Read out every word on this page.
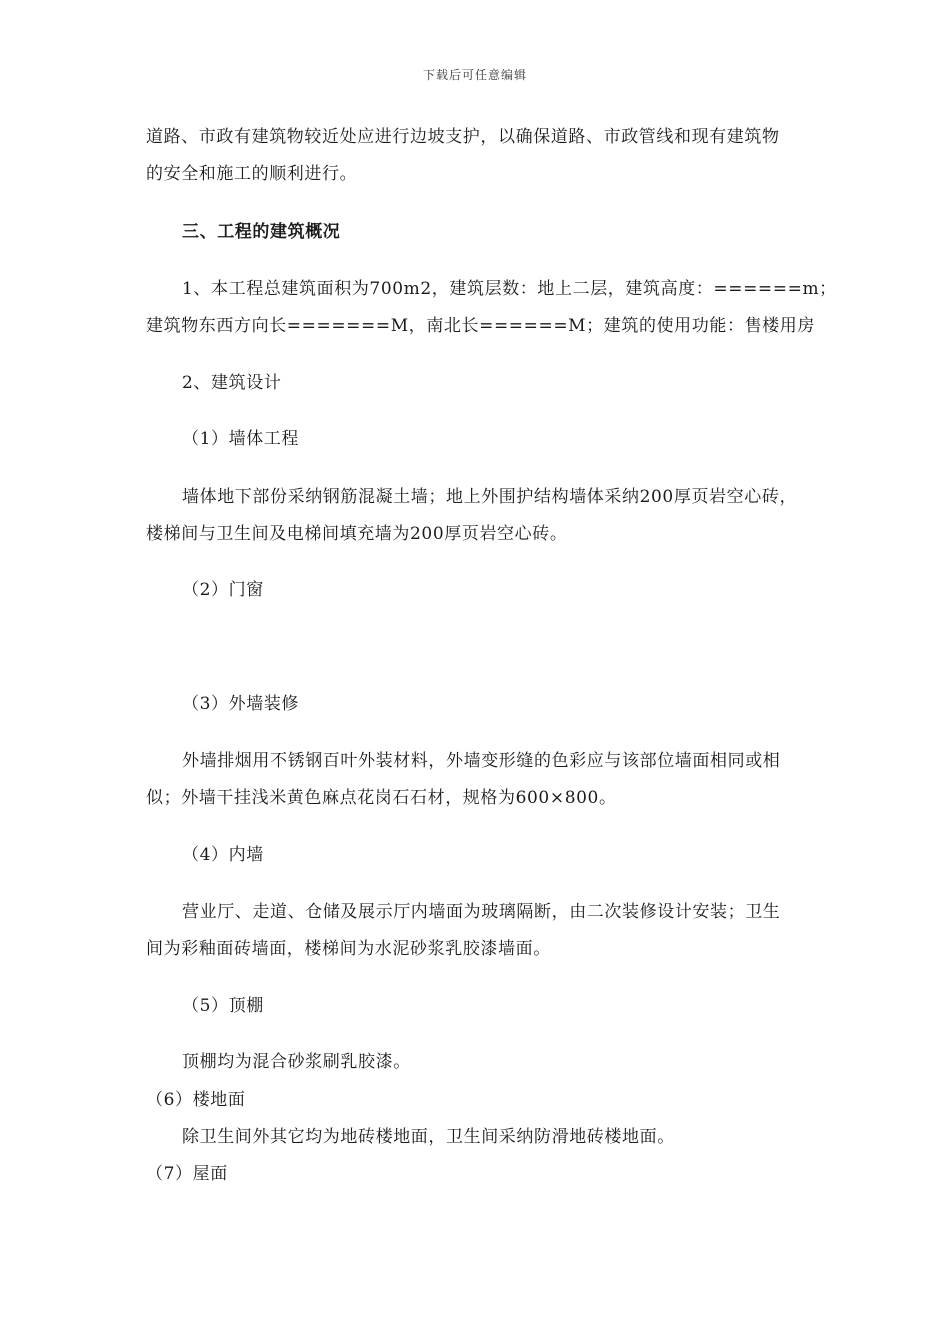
下载后可任意编辑
道路、市政有建筑物较近处应进行边坡支护，以确保道路、市政管线和现有建筑物
的安全和施工的顺利进行。
三、工程的建筑概况
1、本工程总建筑面积为700m2，建筑层数：地上二层，建筑高度：======m；
建筑物东西方向长=======M，南北长======M；建筑的使用功能：售楼用房
2、建筑设计
（1）墙体工程
墙体地下部份采纳钢筋混凝土墙；地上外围护结构墙体采纳200厚页岩空心砖，
楼梯间与卫生间及电梯间填充墙为200厚页岩空心砖。
（2）门窗
（3）外墙装修
外墙排烟用不锈钢百叶外装材料，外墙变形缝的色彩应与该部位墙面相同或相
似；外墙干挂浅米黄色麻点花岗石石材，规格为600×800。
（4）内墙
营业厅、走道、仓储及展示厅内墙面为玻璃隔断，由二次装修设计安装；卫生
间为彩釉面砖墙面，楼梯间为水泥砂浆乳胶漆墙面。
（5）顶棚
顶棚均为混合砂浆刷乳胶漆。
（6）楼地面
除卫生间外其它均为地砖楼地面，卫生间采纳防滑地砖楼地面。
（7）屋面
